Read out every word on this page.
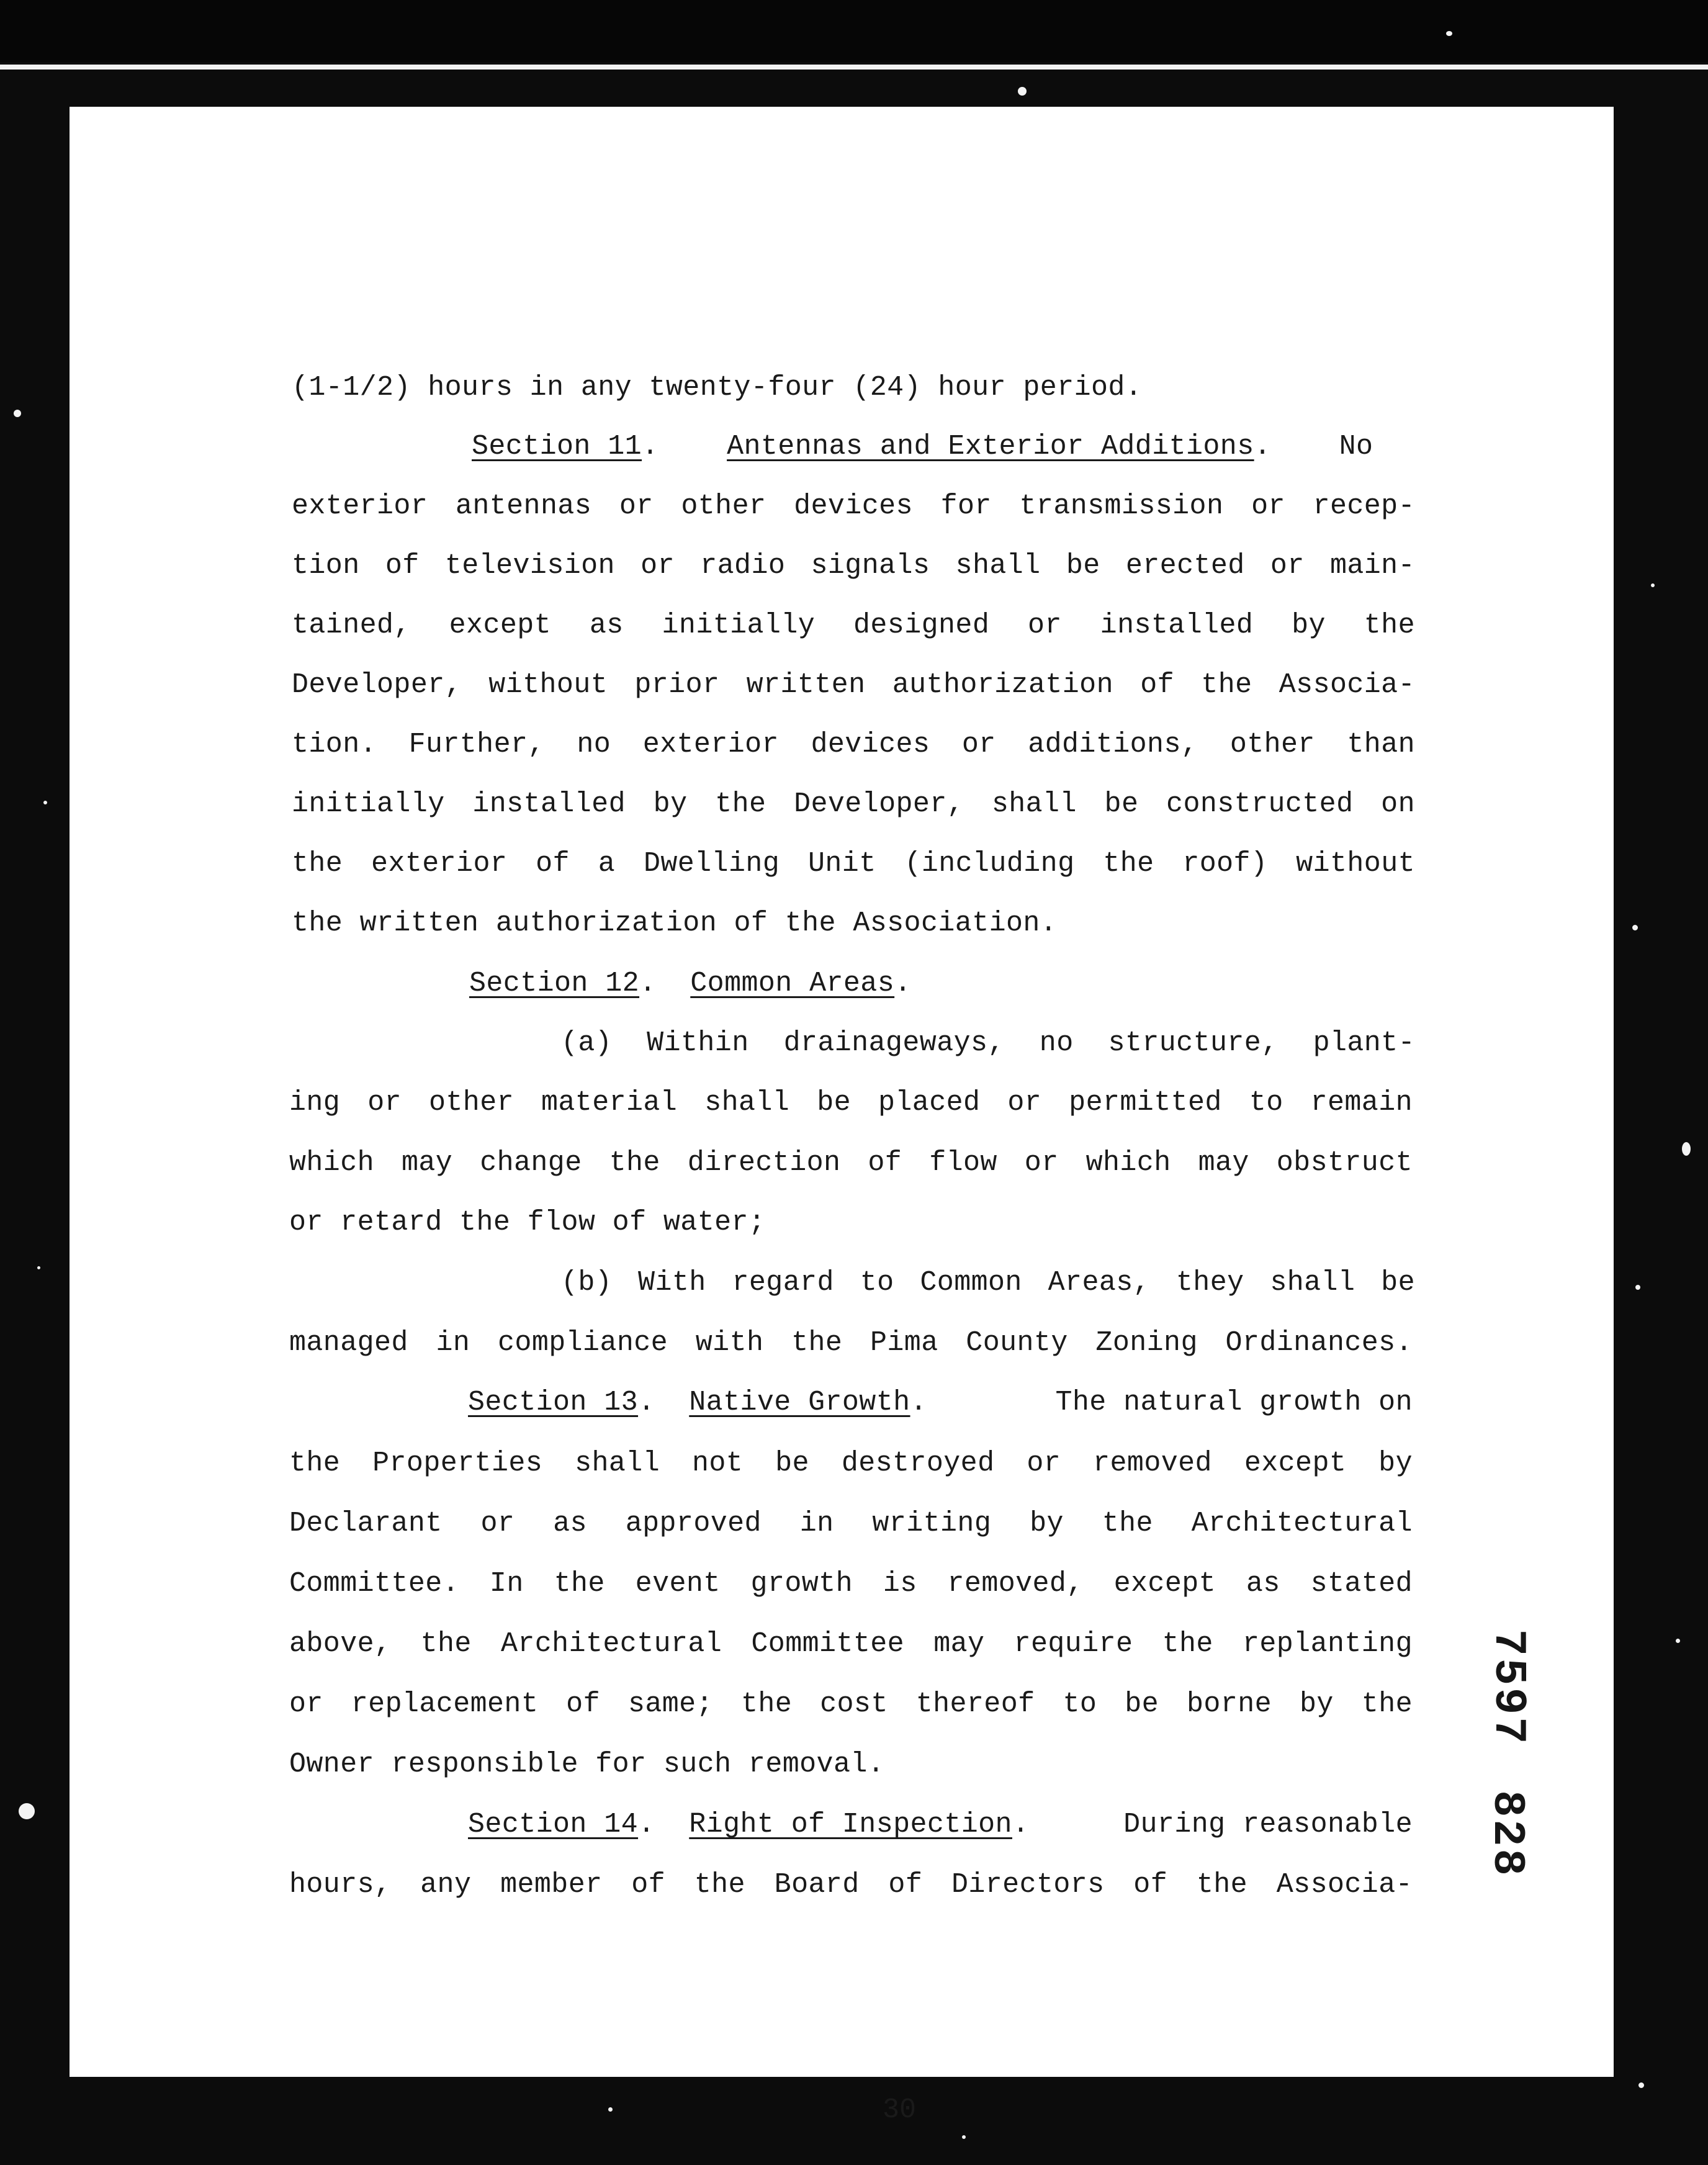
(1-1/2) hours in any twenty-four (24) hour period.
Section 11. Antennas and Exterior Additions. No
exterior antennas or other devices for transmission or recep-
tion of television or radio signals shall be erected or main-
tained, except as initially designed or installed by the
Developer, without prior written authorization of the Associa-
tion. Further, no exterior devices or additions, other than
initially installed by the Developer, shall be constructed on
the exterior of a Dwelling Unit (including the roof) without
the written authorization of the Association.
Section 12. Common Areas.
(a) Within drainageways, no structure, plant-
ing or other material shall be placed or permitted to remain
which may change the direction of flow or which may obstruct
or retard the flow of water;
(b) With regard to Common Areas, they shall be
managed in compliance with the Pima County Zoning Ordinances.
Section 13. Native Growth.	The natural growth on
the Properties shall not be destroyed or removed except by
Declarant or as approved in writing by the Architectural
Committee. In the event growth is removed, except as stated
above, the Architectural Committee may require the replanting
or replacement of same; the cost thereof to be borne by the
Owner responsible for such removal.
Section 14. Right of Inspection.	During reasonable
hours, any member of the Board of Directors of the Associa-
30
7597
828
